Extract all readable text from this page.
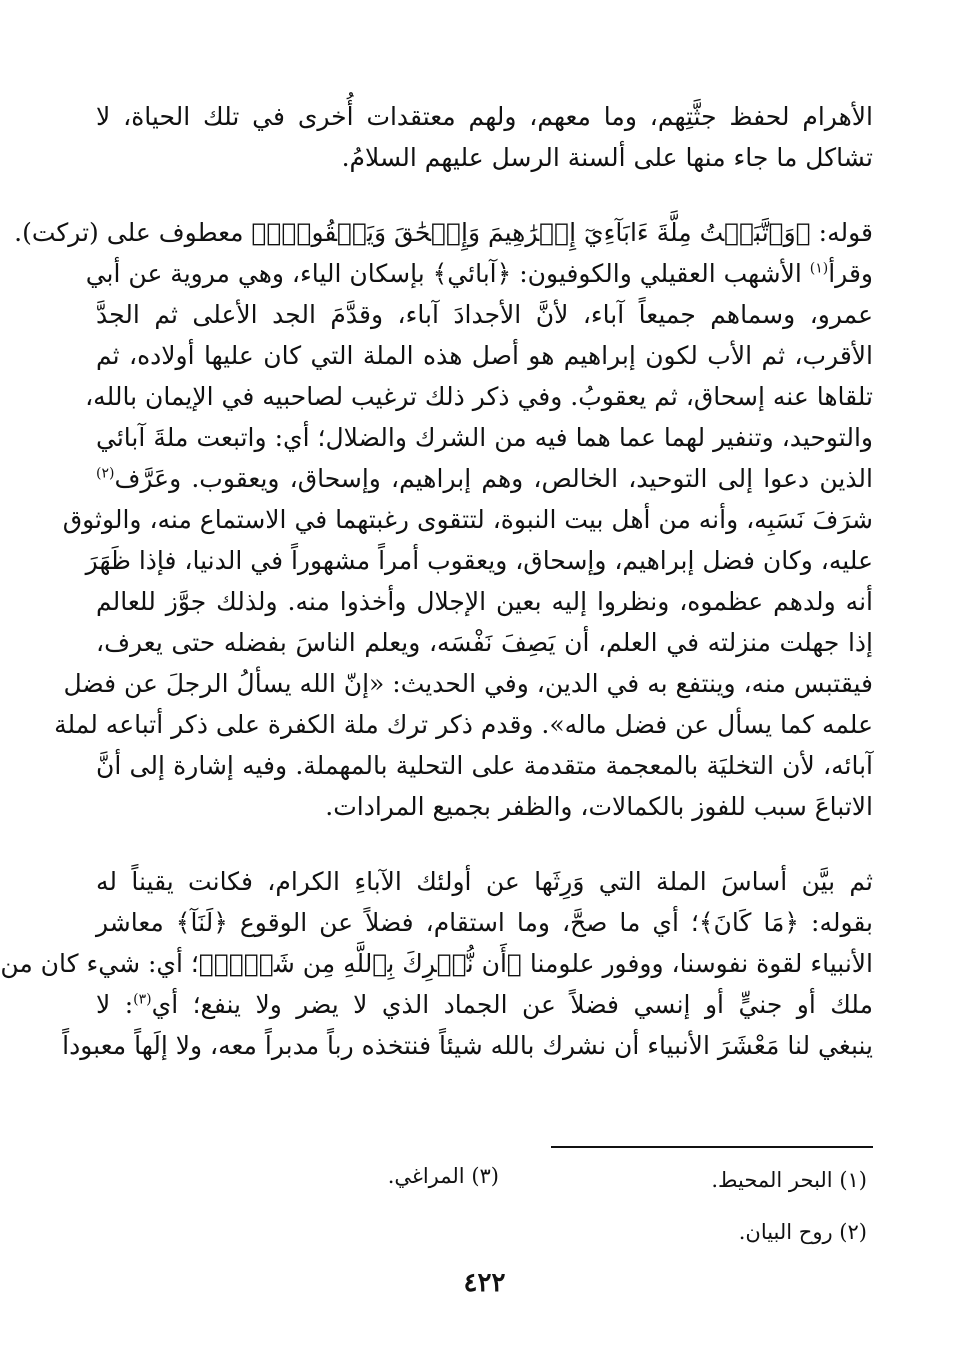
الأهرام لحفظ جثَّتِهم، وما معهم، ولهم معتقدات أُخرى في تلك الحياة، لا
تشاكل ما جاء منها على ألسنة الرسل عليهم السلامُ.

قوله: ﴿وَٱتَّبَعۡتُ مِلَّةَ ءَابَآءِيٓ إِبۡرَٰهِيمَ وَإِسۡحَٰقَ وَيَعۡقُوبَۚ﴾ معطوف على (تركت).
وقرأ$^{(١)}$ الأشهب العقيلي والكوفيون: ﴿آبائي﴾ بإسكان الياء، وهي مروية عن أبي
عمرو، وسماهم جميعاً آباء، لأنَّ الأجدادَ آباء، وقدَّمَ الجد الأعلى ثم الجدَّ
الأقرب، ثم الأب لكون إبراهيم هو أصل هذه الملة التي كان عليها أولاده، ثم
تلقاها عنه إسحاق، ثم يعقوبُ. وفي ذكر ذلك ترغيب لصاحبيه في الإيمان بالله،
والتوحيد، وتنفير لهما عما هما فيه من الشرك والضلال؛ أي: واتبعت ملةَ آبائي
الذين دعوا إلى التوحيد، الخالص، وهم إبراهيم، وإسحاق، ويعقوب. وعَرَّف$^{(٢)}$
شرَفَ نَسَبِه، وأنه من أهل بيت النبوة، لتتقوى رغبتهما في الاستماع منه، والوثوق
عليه، وكان فضل إبراهيم، وإسحاق، ويعقوب أمراً مشهوراً في الدنيا، فإذا ظَهَرَ
أنه ولدهم عظموه، ونظروا إليه بعين الإجلال وأخذوا منه. ولذلك جوَّز للعالم
إذا جهلت منزلته في العلم، أن يَصِفَ نَفْسَه، ويعلم الناسَ بفضله حتى يعرف،
فيقتبس منه، وينتفع به في الدين، وفي الحديث: «إنّ الله يسألُ الرجلَ عن فضل
علمه كما يسأل عن فضل ماله». وقدم ذكر ترك ملة الكفرة على ذكر أتباعه لملة
آبائه، لأن التخليَة بالمعجمة متقدمة على التحلية بالمهملة. وفيه إشارة إلى أنَّ
الاتباعَ سبب للفوز بالكمالات، والظفر بجميع المرادات.

ثم بيَّن أساسَ الملة التي وَرِثَها عن أولئك الآباءِ الكرام، فكانت يقيناً له
بقوله: ﴿مَا كَانَ﴾؛ أي ما صحَّ، وما استقام، فضلاً عن الوقوع ﴿لَنَآ﴾ معاشر
الأنبياء لقوة نفوسنا، ووفور علومنا ﴿أَن نُّشۡرِكَ بِٱللَّهِ مِن شَيۡءٖ﴾؛ أي: شيء كان من
ملك أو جنيٍّ أو إنسي فضلاً عن الجماد الذي لا يضر ولا ينفع؛ أي$^{(٣)}$: لا
ينبغي لنا مَعْشَرَ الأنبياء أن نشرك بالله شيئاً فنتخذه رباً مدبراً معه، ولا إلَهاً معبوداً

(١) البحر المحيط.
(٣) المراغي.
(٢) روح البيان.
٤٢٢
